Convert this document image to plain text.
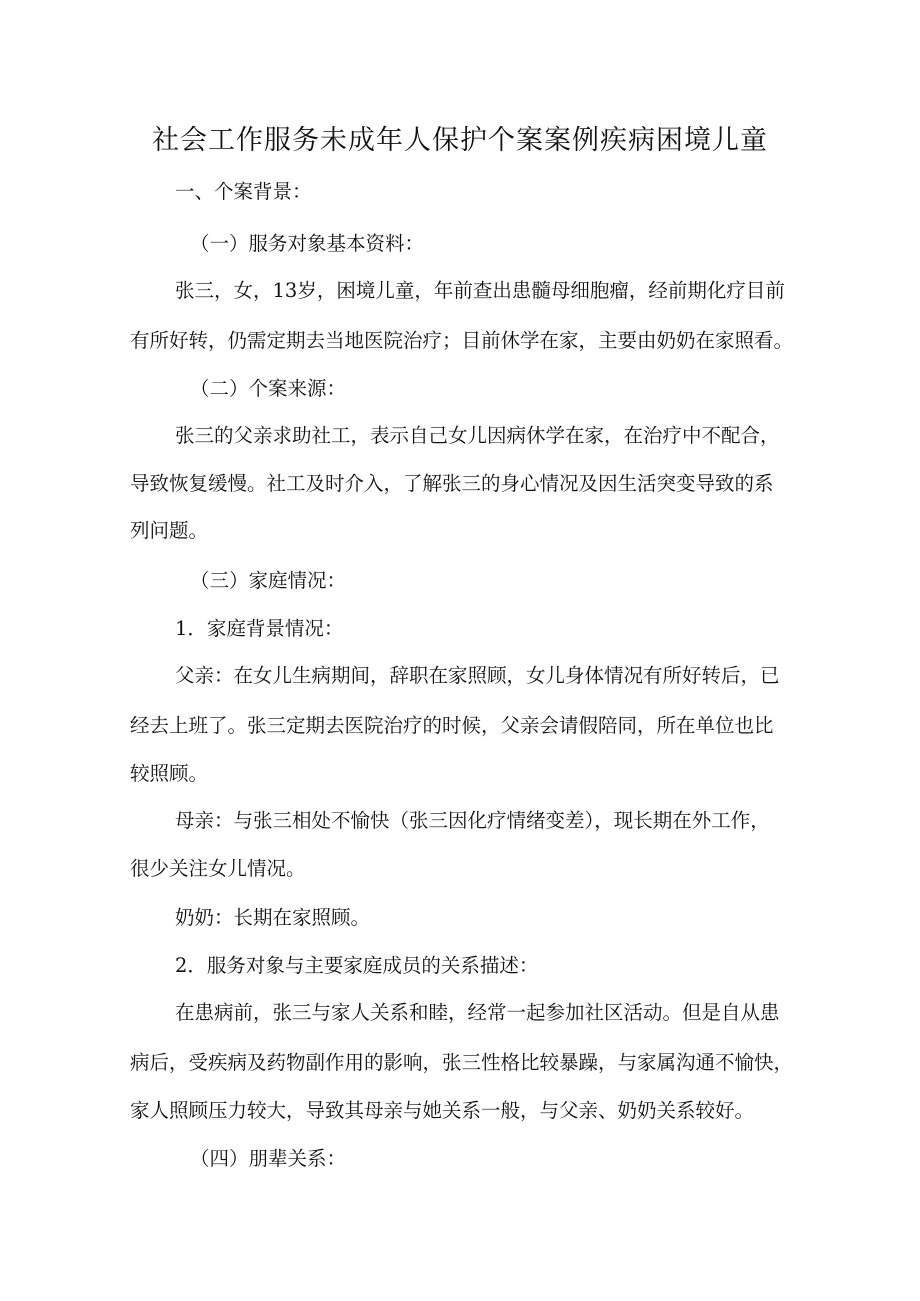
社会工作服务未成年人保护个案案例疾病困境儿童
一、个案背景：
（一）服务对象基本资料：
张三，女，13岁，困境儿童，年前查出患髓母细胞瘤，经前期化疗目前
有所好转，仍需定期去当地医院治疗；目前休学在家，主要由奶奶在家照看。
（二）个案来源：
张三的父亲求助社工，表示自己女儿因病休学在家，在治疗中不配合，
导致恢复缓慢。社工及时介入，了解张三的身心情况及因生活突变导致的系
列问题。
（三）家庭情况：
1．家庭背景情况：
父亲：在女儿生病期间，辞职在家照顾，女儿身体情况有所好转后，已
经去上班了。张三定期去医院治疗的时候，父亲会请假陪同，所在单位也比
较照顾。
母亲：与张三相处不愉快（张三因化疗情绪变差），现长期在外工作，
很少关注女儿情况。
奶奶：长期在家照顾。
2．服务对象与主要家庭成员的关系描述：
在患病前，张三与家人关系和睦，经常一起参加社区活动。但是自从患
病后，受疾病及药物副作用的影响，张三性格比较暴躁，与家属沟通不愉快，
家人照顾压力较大，导致其母亲与她关系一般，与父亲、奶奶关系较好。
（四）朋辈关系：
